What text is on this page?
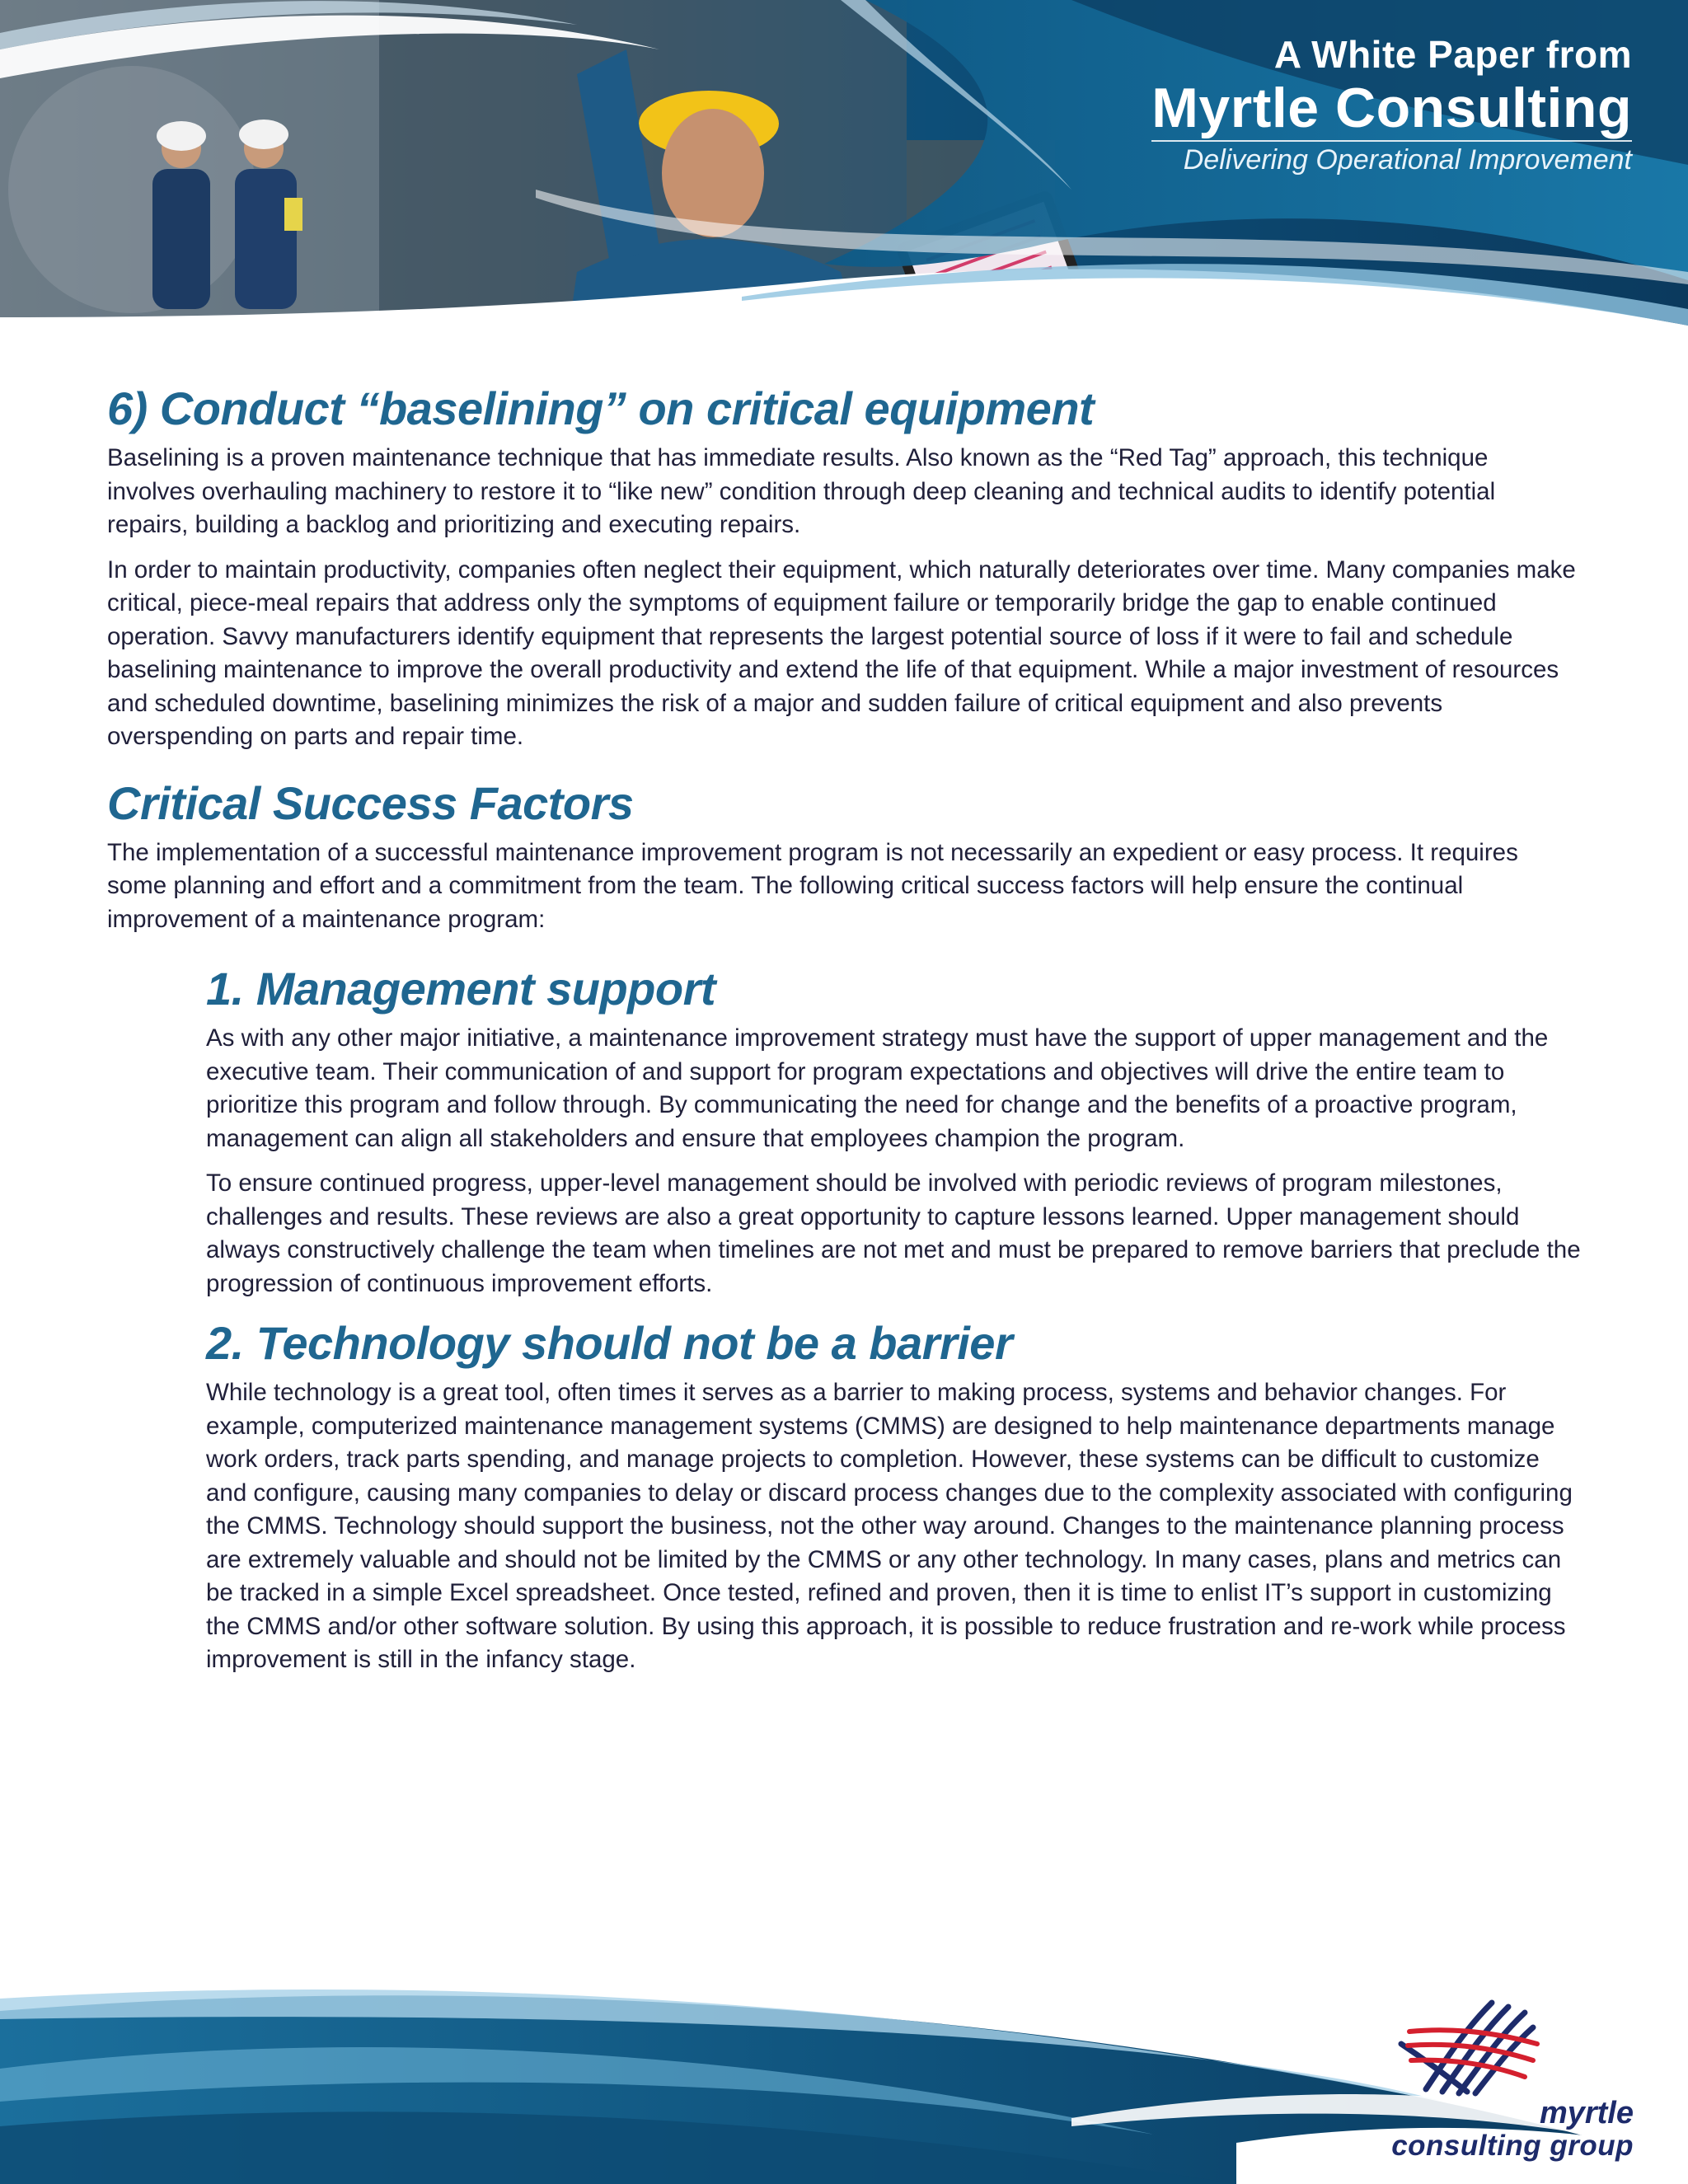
A White Paper from
Myrtle Consulting
Delivering Operational Improvement
6) Conduct “baselining” on critical equipment

Baselining is a proven maintenance technique that has immediate results. Also known as the “Red Tag” approach, this technique involves overhauling machinery to restore it to “like new” condition through deep cleaning and technical audits to identify potential repairs, building a backlog and prioritizing and executing repairs.

In order to maintain productivity, companies often neglect their equipment, which naturally deteriorates over time. Many companies make critical, piece-meal repairs that address only the symptoms of equipment failure or temporarily bridge the gap to enable continued operation. Savvy manufacturers identify equipment that represents the largest potential source of loss if it were to fail and schedule baselining maintenance to improve the overall productivity and extend the life of that equipment. While a major investment of resources and scheduled downtime, baselining minimizes the risk of a major and sudden failure of critical equipment and also prevents overspending on parts and repair time.

Critical Success Factors

The implementation of a successful maintenance improvement program is not necessarily an expedient or easy process. It requires some planning and effort and a commitment from the team. The following critical success factors will help ensure the continual improvement of a maintenance program:

1. Management support

As with any other major initiative, a maintenance improvement strategy must have the support of upper management and the executive team. Their communication of and support for program expectations and objectives will drive the entire team to prioritize this program and follow through. By communicating the need for change and the benefits of a proactive program, management can align all stakeholders and ensure that employees champion the program.

To ensure continued progress, upper-level management should be involved with periodic reviews of program milestones, challenges and results. These reviews are also a great opportunity to capture lessons learned. Upper management should always constructively challenge the team when timelines are not met and must be prepared to remove barriers that preclude the progression of continuous improvement efforts.

2. Technology should not be a barrier

While technology is a great tool, often times it serves as a barrier to making process, systems and behavior changes. For example, computerized maintenance management systems (CMMS) are designed to help maintenance departments manage work orders, track parts spending, and manage projects to completion. However, these systems can be difficult to customize and configure, causing many companies to delay or discard process changes due to the complexity associated with configuring the CMMS. Technology should support the business, not the other way around. Changes to the maintenance planning process are extremely valuable and should not be limited by the CMMS or any other technology. In many cases, plans and metrics can be tracked in a simple Excel spreadsheet. Once tested, refined and proven, then it is time to enlist IT’s support in customizing the CMMS and/or other software solution. By using this approach, it is possible to reduce frustration and re-work while process improvement is still in the infancy stage.

myrtle
consulting group
